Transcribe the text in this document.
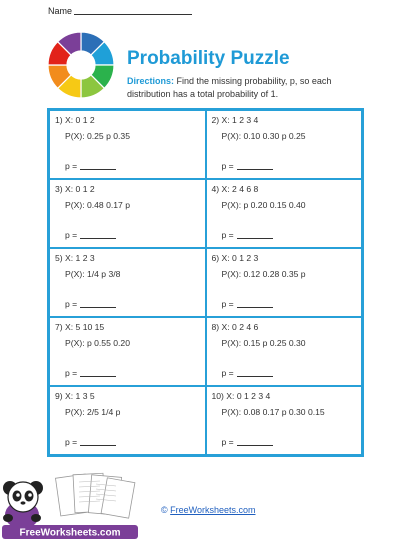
Name
Probability Puzzle
Directions: Find the missing probability, p, so each distribution has a total probability of 1.
1) X: 0 1 2
P(X): 0.25 p 0.35
p =
2) X: 1 2 3 4
P(X): 0.10 0.30 p 0.25
p =
3) X: 0 1 2
P(X): 0.48 0.17 p
p =
4) X: 2 4 6 8
P(X): p 0.20 0.15 0.40
p =
5) X: 1 2 3
P(X): 1/4 p 3/8
p =
6) X: 0 1 2 3
P(X): 0.12 0.28 0.35 p
p =
7) X: 5 10 15
P(X): p 0.55 0.20
p =
8) X: 0 2 4 6
P(X): 0.15 p 0.25 0.30
p =
9) X: 1 3 5
P(X): 2/5 1/4 p
p =
10) X: 0 1 2 3 4
P(X): 0.08 0.17 p 0.30 0.15
p =
FreeWorksheets.com
© FreeWorksheets.com
